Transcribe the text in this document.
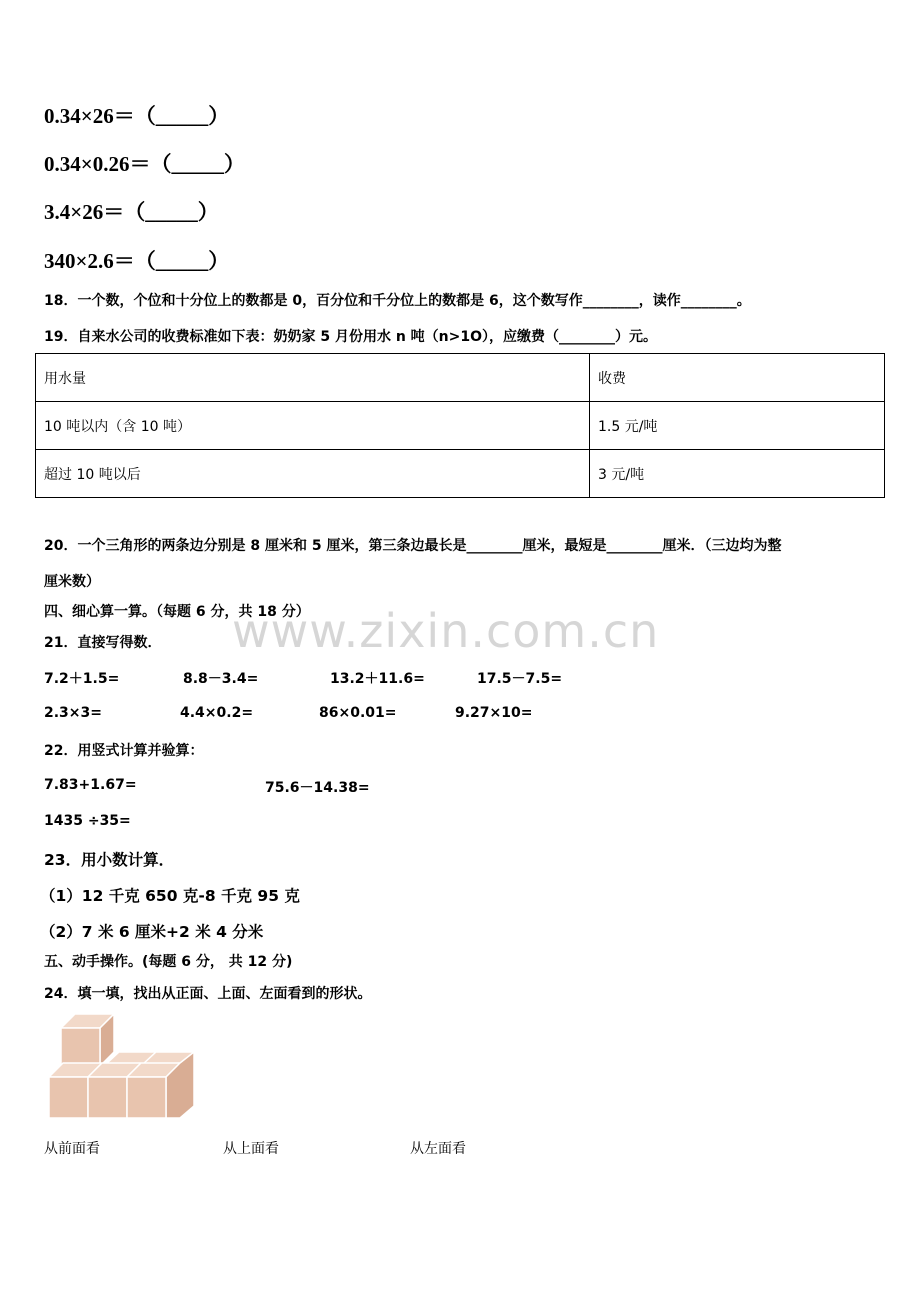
www.zixin.com.cn
0.34×26＝（_____）
0.34×0.26＝（_____）
3.4×26＝（_____）
340×2.6＝（_____）
18．一个数，个位和十分位上的数都是 0，百分位和千分位上的数都是 6，这个数写作________，读作________。
19．自来水公司的收费标准如下表：奶奶家 5 月份用水 n 吨（n>1O），应缴费（________）元。
用水量	收费
10 吨以内（含 10 吨）	1.5 元/吨
超过 10 吨以后	3 元/吨
20．一个三角形的两条边分别是 8 厘米和 5 厘米，第三条边最长是________厘米，最短是________厘米．（三边均为整
厘米数）
四、细心算一算。（每题 6 分，共 18 分）
21．直接写得数．
7.2＋1.5=	8.8－3.4=	13.2＋11.6=	17.5－7.5=
2.3×3=	4.4×0.2=	86×0.01=	9.27×10=
22．用竖式计算并验算：
7.83+1.67=	75.6－14.38=
1435 ÷35=
23．用小数计算．
（1）12 千克 650 克-8 千克 95 克
（2）7 米 6 厘米+2 米 4 分米
五、动手操作。(每题 6 分， 共 12 分)
24．填一填，找出从正面、上面、左面看到的形状。
从前面看	从上面看	从左面看
